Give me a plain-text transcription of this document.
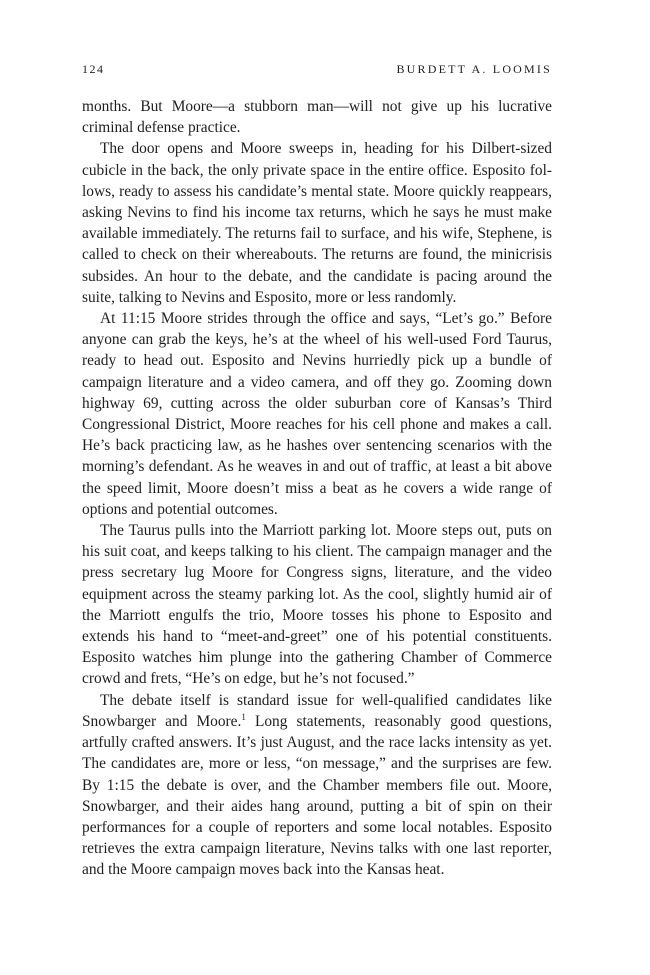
124	BURDETT A. LOOMIS

months. But Moore—a stubborn man—will not give up his lucrative criminal defense practice.

The door opens and Moore sweeps in, heading for his Dilbert-sized cubicle in the back, the only private space in the entire office. Esposito follows, ready to assess his candidate’s mental state. Moore quickly reappears, asking Nevins to find his income tax returns, which he says he must make available immediately. The returns fail to surface, and his wife, Stephene, is called to check on their whereabouts. The returns are found, the minicrisis subsides. An hour to the debate, and the candidate is pacing around the suite, talking to Nevins and Esposito, more or less randomly.

At 11:15 Moore strides through the office and says, “Let’s go.” Before anyone can grab the keys, he’s at the wheel of his well-used Ford Taurus, ready to head out. Esposito and Nevins hurriedly pick up a bundle of campaign literature and a video camera, and off they go. Zooming down highway 69, cutting across the older suburban core of Kansas’s Third Congressional District, Moore reaches for his cell phone and makes a call. He’s back practicing law, as he hashes over sentencing scenarios with the morning’s defendant. As he weaves in and out of traffic, at least a bit above the speed limit, Moore doesn’t miss a beat as he covers a wide range of options and potential outcomes.

The Taurus pulls into the Marriott parking lot. Moore steps out, puts on his suit coat, and keeps talking to his client. The campaign manager and the press secretary lug Moore for Congress signs, literature, and the video equipment across the steamy parking lot. As the cool, slightly humid air of the Marriott engulfs the trio, Moore tosses his phone to Esposito and extends his hand to “meet-and-greet” one of his potential constituents. Esposito watches him plunge into the gathering Chamber of Commerce crowd and frets, “He’s on edge, but he’s not focused.”

The debate itself is standard issue for well-qualified candidates like Snowbarger and Moore.$^1$ Long statements, reasonably good questions, artfully crafted answers. It’s just August, and the race lacks intensity as yet. The candidates are, more or less, “on message,” and the surprises are few. By 1:15 the debate is over, and the Chamber members file out. Moore, Snowbarger, and their aides hang around, putting a bit of spin on their performances for a couple of reporters and some local notables. Esposito retrieves the extra campaign literature, Nevins talks with one last reporter, and the Moore campaign moves back into the Kansas heat.
